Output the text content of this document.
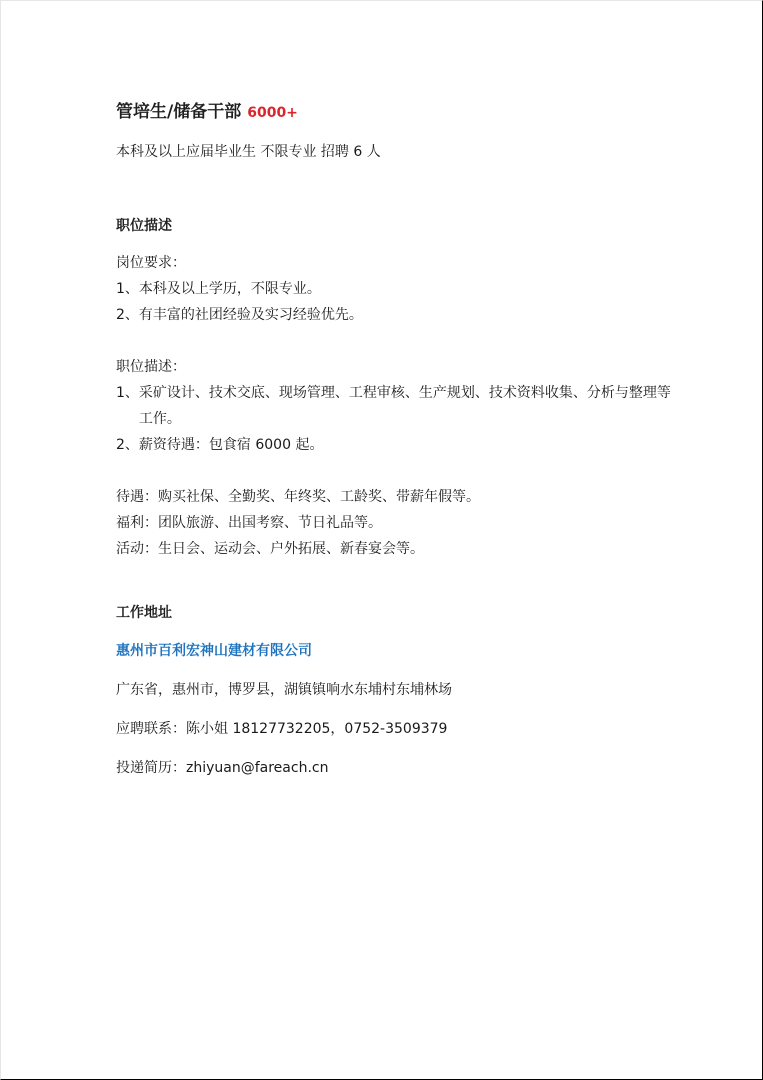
管培生/储备干部 6000+
本科及以上应届毕业生 不限专业 招聘 6 人
职位描述
岗位要求：
1、 本科及以上学历，不限专业。
2、 有丰富的社团经验及实习经验优先。
职位描述：
1、 采矿设计、技术交底、现场管理、工程审核、生产规划、技术资料收集、分析与整理等工作。
2、 薪资待遇：包食宿 6000 起。
待遇：购买社保、全勤奖、年终奖、工龄奖、带薪年假等。
福利：团队旅游、出国考察、节日礼品等。
活动：生日会、运动会、户外拓展、新春宴会等。
工作地址
惠州市百利宏神山建材有限公司
广东省，惠州市，博罗县，湖镇镇响水东埔村东埔林场
应聘联系：陈小姐 18127732205，0752-3509379
投递简历：zhiyuan@fareach.cn
